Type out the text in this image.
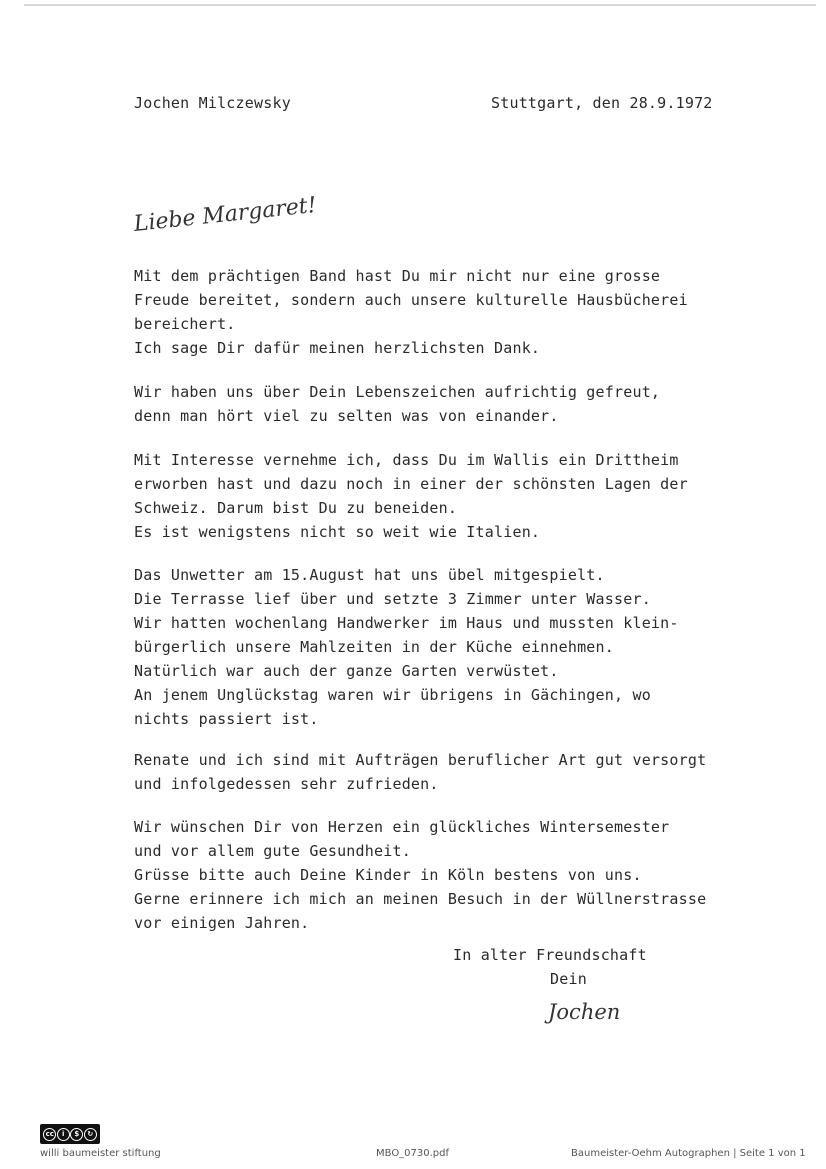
Jochen Milczewsky	Stuttgart, den 28.9.1972
Liebe Margaret!
Mit dem prächtigen Band hast Du mir nicht nur eine grosse
Freude bereitet, sondern auch unsere kulturelle Hausbücherei
bereichert.
Ich sage Dir dafür meinen herzlichsten Dank.
Wir haben uns über Dein Lebenszeichen aufrichtig gefreut,
denn man hört viel zu selten was von einander.
Mit Interesse vernehme ich, dass Du im Wallis ein Drittheim
erworben hast und dazu noch in einer der schönsten Lagen der
Schweiz. Darum bist Du zu beneiden.
Es ist wenigstens nicht so weit wie Italien.
Das Unwetter am 15.August hat uns übel mitgespielt.
Die Terrasse lief über und setzte 3 Zimmer unter Wasser.
Wir hatten wochenlang Handwerker im Haus und mussten klein-
bürgerlich unsere Mahlzeiten in der Küche einnehmen.
Natürlich war auch der ganze Garten verwüstet.
An jenem Unglückstag waren wir übrigens in Gächingen, wo
nichts passiert ist.
Renate und ich sind mit Aufträgen beruflicher Art gut versorgt
und infolgedessen sehr zufrieden.
Wir wünschen Dir von Herzen ein glückliches Wintersemester
und vor allem gute Gesundheit.
Grüsse bitte auch Deine Kinder in Köln bestens von uns.
Gerne erinnere ich mich an meinen Besuch in der Wüllnerstrasse
vor einigen Jahren.
In alter Freundschaft
Dein
Jochen
cc	i	$	↻
willi baumeister stiftung	MBO_0730.pdf	Baumeister-Oehm Autographen | Seite 1 von 1
